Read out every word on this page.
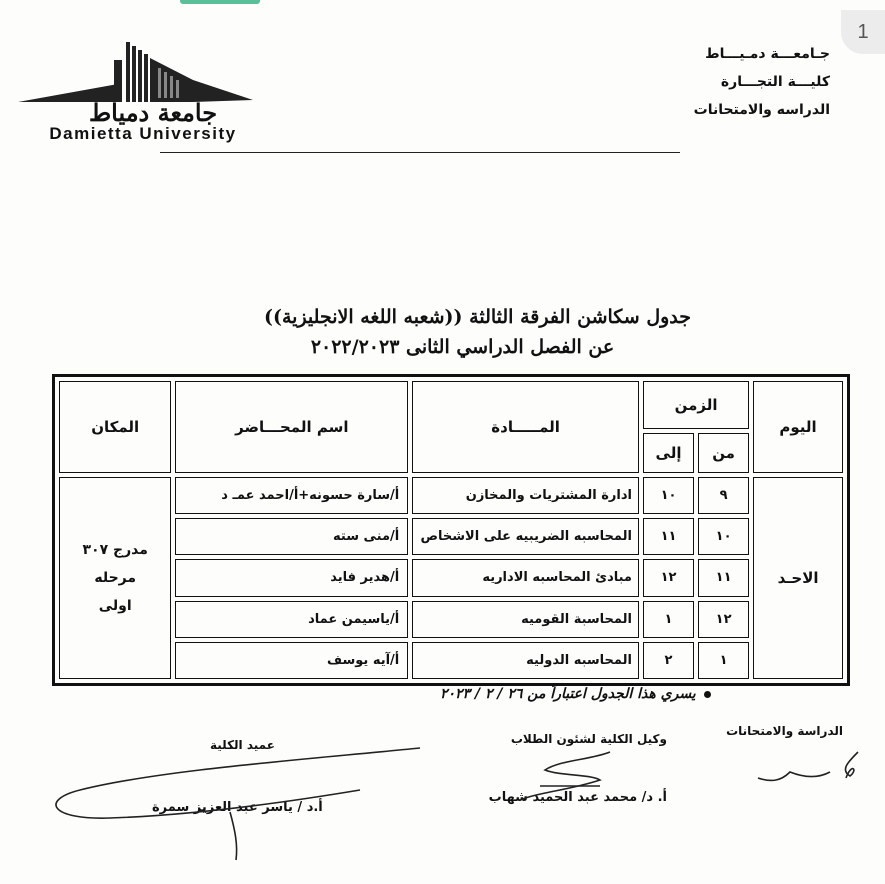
1
جامعة دمياط
Damietta University
جـامعـــة دمـيـــاط
كليـــة التجـــارة
الدراسه والامتحانات
جدول سكاشن الفرقة الثالثة ((شعبه اللغه الانجليزية))
عن الفصل الدراسي الثانى ٢٠٢٢/٢٠٢٣
اليوم	الزمن		المـــــادة	اسم المحـــاضر	المكان
	من	إلى			
الاحـد	٩	١٠	ادارة المشتريات والمخازن	أ/سارة حسونه+أ/احمد عمـ د	مدرج ٣٠٧
مرحله
اولى

	١٠	١١	المحاسبه الضريبيه على الاشخاص	أ/منى سته	
	١١	١٢	مبادئ المحاسبه الاداريه	أ/هدير فايد	
	١٢	١	المحاسبة القوميه	أ/ياسيمن عماد	
	١	٢	المحاسبه الدوليه	أ/آيه يوسف	
يسري هذا الجدول اعتباراً من ٢٦ / ٢ / ٢٠٢٣
الدراسة والامتحانات
وكيل الكلية لشئون الطلاب
عميد الكلية
أ. د/ محمد عبد الحميد شهاب
أ.د / ياسر عبد العزيز سمرة
